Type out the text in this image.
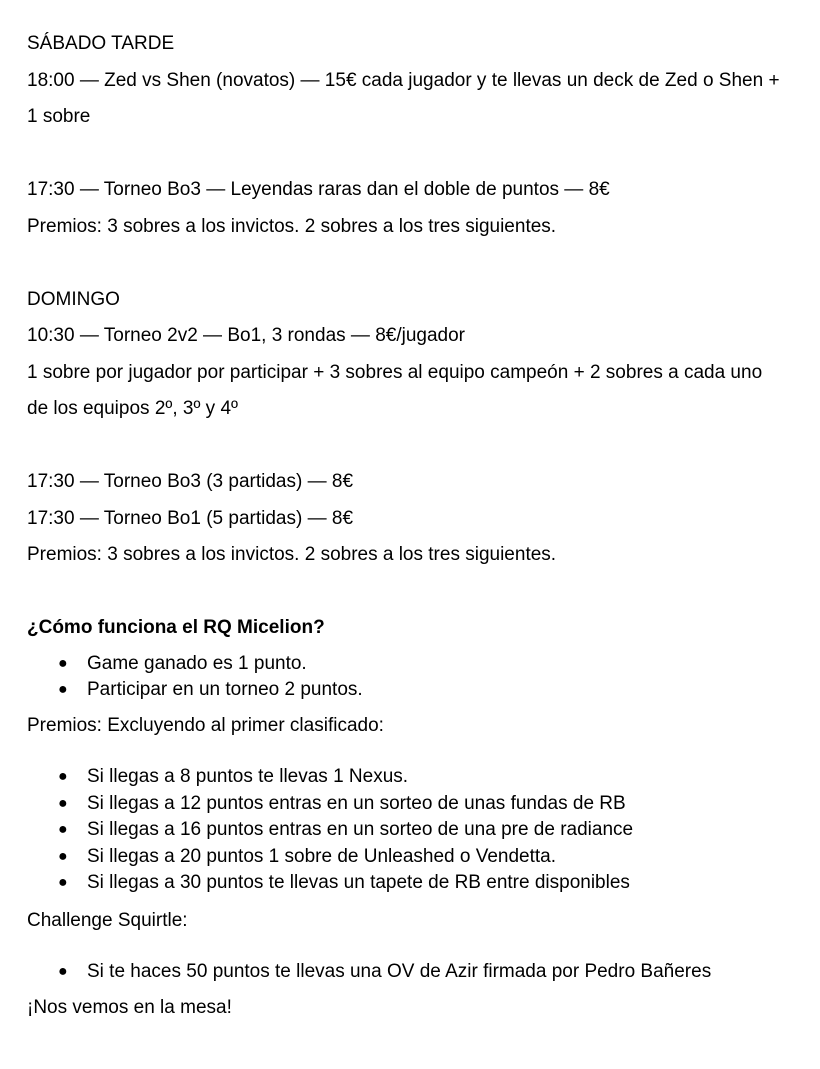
SÁBADO TARDE

18:00 — Zed vs Shen (novatos) — 15€ cada jugador y te llevas un deck de Zed o Shen + 1 sobre

17:30 — Torneo Bo3 — Leyendas raras dan el doble de puntos — 8€

Premios: 3 sobres a los invictos. 2 sobres a los tres siguientes.

DOMINGO

10:30 — Torneo 2v2 — Bo1, 3 rondas — 8€/jugador

1 sobre por jugador por participar + 3 sobres al equipo campeón + 2 sobres a cada uno de los equipos 2º, 3º y 4º

17:30 — Torneo Bo3 (3 partidas) — 8€

17:30 — Torneo Bo1 (5 partidas) — 8€

Premios: 3 sobres a los invictos. 2 sobres a los tres siguientes.

¿Cómo funciona el RQ Micelion?

● Game ganado es 1 punto.
● Participar en un torneo 2 puntos.

Premios: Excluyendo al primer clasificado:

● Si llegas a 8 puntos te llevas 1 Nexus.
● Si llegas a 12 puntos entras en un sorteo de unas fundas de RB
● Si llegas a 16 puntos entras en un sorteo de una pre de radiance
● Si llegas a 20 puntos 1 sobre de Unleashed o Vendetta.
● Si llegas a 30 puntos te llevas un tapete de RB entre disponibles

Challenge Squirtle:

● Si te haces 50 puntos te llevas una OV de Azir firmada por Pedro Bañeres

¡Nos vemos en la mesa!
